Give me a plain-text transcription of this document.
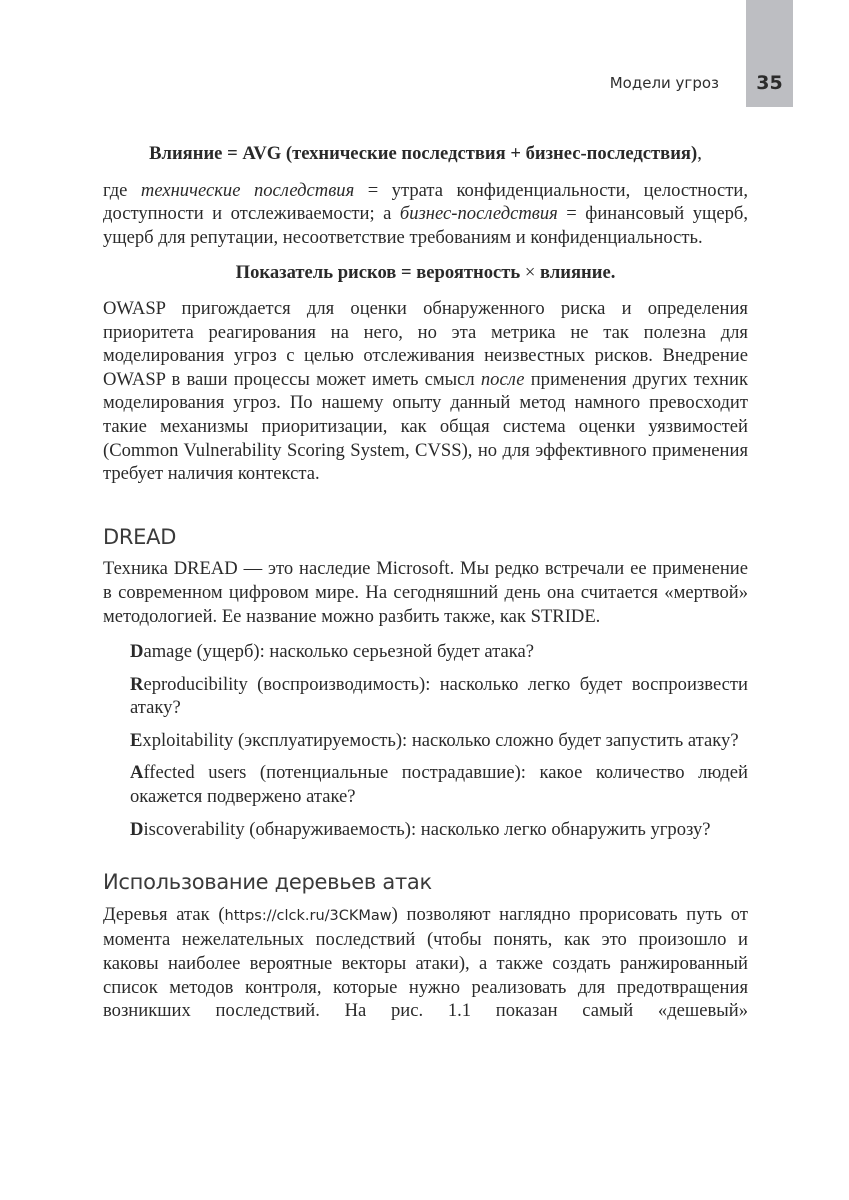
35
Модели угроз

Влияние = AVG (технические последствия + бизнес-последствия),

где технические последствия = утрата конфиденциальности, целостности, доступности и отслеживаемости; а бизнес-последствия = финансовый ущерб, ущерб для репутации, несоответствие требованиям и конфиденциальность.

Показатель рисков = вероятность × влияние.

OWASP пригождается для оценки обнаруженного риска и определения приоритета реагирования на него, но эта метрика не так полезна для моделирования угроз с целью отслеживания неизвестных рисков. Внедрение OWASP в ваши процессы может иметь смысл после применения других техник моделирования угроз. По нашему опыту данный метод намного превосходит такие механизмы приоритизации, как общая система оценки уязвимостей (Common Vulnerability Scoring System, CVSS), но для эффективного применения требует наличия контекста.

DREAD

Техника DREAD — это наследие Microsoft. Мы редко встречали ее применение в современном цифровом мире. На сегодняшний день она считается «мертвой» методологией. Ее название можно разбить также, как STRIDE.

Damage (ущерб): насколько серьезной будет атака?

Reproducibility (воспроизводимость): насколько легко будет воспроизвести атаку?

Exploitability (эксплуатируемость): насколько сложно будет запустить атаку?

Affected users (потенциальные пострадавшие): какое количество людей окажется подвержено атаке?

Discoverability (обнаруживаемость): насколько легко обнаружить угрозу?

Использование деревьев атак

Деревья атак (https://clck.ru/3CKMaw) позволяют наглядно прорисовать путь от момента нежелательных последствий (чтобы понять, как это произошло и каковы наиболее вероятные векторы атаки), а также создать ранжированный список методов контроля, которые нужно реализовать для предотвращения возникших последствий. На рис. 1.1 показан самый «дешевый»
